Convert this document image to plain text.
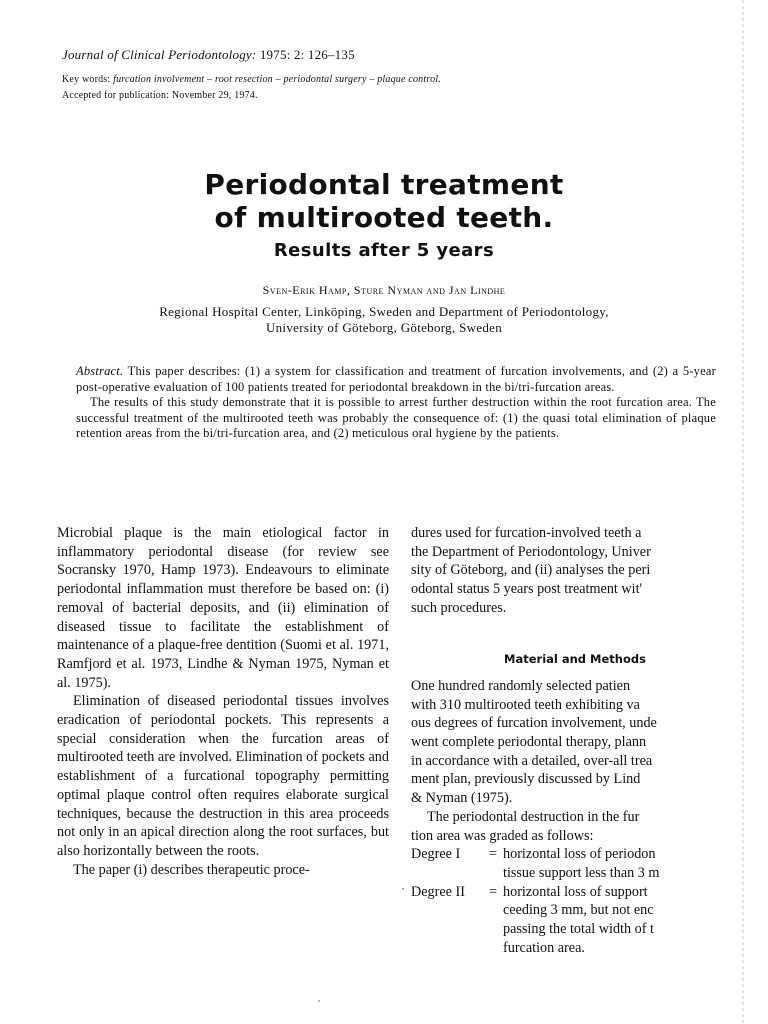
Journal of Clinical Periodontology: 1975: 2: 126–135
Key words: furcation involvement – root resection – periodontal surgery – plaque control.
Accepted for publication: November 29, 1974.
Periodontal treatment
of multirooted teeth.
Results after 5 years
Sven-Erik Hamp, Sture Nyman and Jan Lindhe
Regional Hospital Center, Linköping, Sweden and Department of Periodontology,
University of Göteborg, Göteborg, Sweden

Abstract. This paper describes: (1) a system for classification and treatment of furcation involvements, and (2) a 5-year post-operative evaluation of 100 patients treated for periodontal breakdown in the bi/tri-furcation areas.

The results of this study demonstrate that it is possible to arrest further destruction within the root furcation area. The successful treatment of the multirooted teeth was probably the consequence of: (1) the quasi total elimination of plaque retention areas from the bi/tri-furcation area, and (2) meticulous oral hygiene by the patients.

Microbial plaque is the main etiological factor in inflammatory periodontal disease (for review see Socransky 1970, Hamp 1973). Endeavours to eliminate periodontal inflammation must therefore be based on: (i) removal of bacterial deposits, and (ii) elimination of diseased tissue to facilitate the establishment of maintenance of a plaque-free dentition (Suomi et al. 1971, Ramfjord et al. 1973, Lindhe & Nyman 1975, Nyman et al. 1975).

Elimination of diseased periodontal tissues involves eradication of periodontal pockets. This represents a special consideration when the furcation areas of multirooted teeth are involved. Elimination of pockets and establishment of a furcational topography permitting optimal plaque control often requires elaborate surgical techniques, because the destruction in this area proceeds not only in an apical direction along the root surfaces, but also horizontally between the roots.

The paper (i) describes therapeutic proce-

dures used for furcation-involved teeth a
the Department of Periodontology, Univer
sity of Göteborg, and (ii) analyses the peri
odontal status 5 years post treatment wit'
such procedures.
Material and Methods
One hundred randomly selected patien
with 310 multirooted teeth exhibiting va
ous degrees of furcation involvement, unde
went complete periodontal therapy, plann
in accordance with a detailed, over-all trea
ment plan, previously discussed by Lind
& Nyman (1975).
The periodontal destruction in the fur
tion area was graded as follows:
Degree I	= horizontal loss of periodon
tissue support less than 3 m
Degree II	= horizontal loss of support
ceeding 3 mm, but not enc
passing the total width of t
furcation area.
